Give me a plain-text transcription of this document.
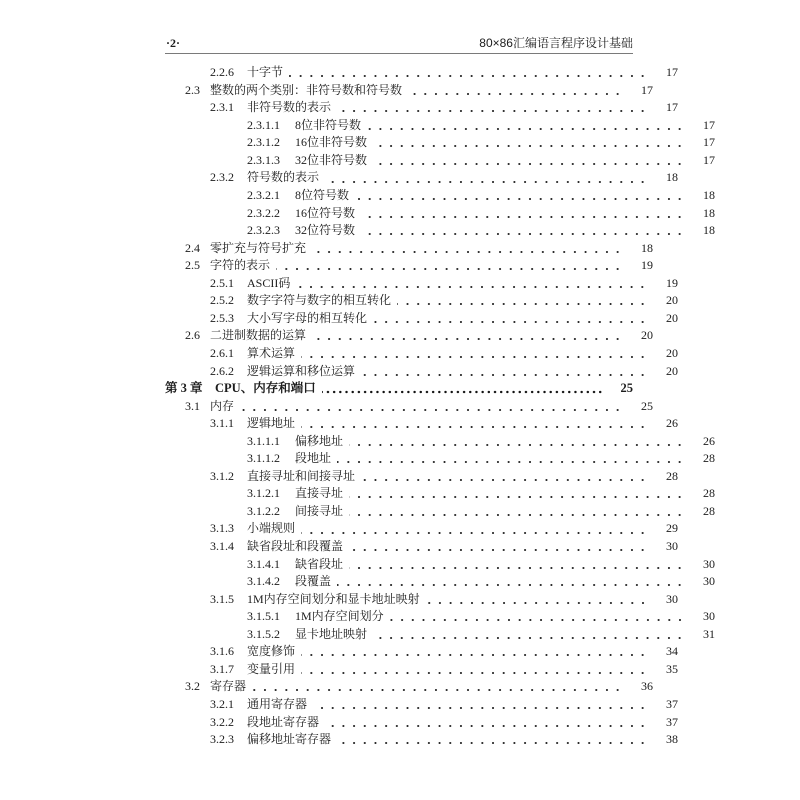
·2·	80×86汇编语言程序设计基础
2.2.6	十字节	17
2.3 整数的两个类别：非符号数和符号数	17
2.3.1	非符号数的表示	17
2.3.1.1	8位非符号数	17
2.3.1.2	16位非符号数	17
2.3.1.3	32位非符号数	17
2.3.2	符号数的表示	18
2.3.2.1	8位符号数	18
2.3.2.2	16位符号数	18
2.3.2.3	32位符号数	18
2.4 零扩充与符号扩充	18
2.5 字符的表示	19
2.5.1	ASCII码	19
2.5.2	数字字符与数字的相互转化	20
2.5.3	大小写字母的相互转化	20
2.6 二进制数据的运算	20
2.6.1	算术运算	20
2.6.2	逻辑运算和移位运算	20
第 3 章 CPU、内存和端口	25
3.1 内存	25
3.1.1	逻辑地址	26
3.1.1.1	偏移地址	26
3.1.1.2	段地址	28
3.1.2	直接寻址和间接寻址	28
3.1.2.1	直接寻址	28
3.1.2.2	间接寻址	28
3.1.3	小端规则	29
3.1.4	缺省段址和段覆盖	30
3.1.4.1	缺省段址	30
3.1.4.2	段覆盖	30
3.1.5	1M内存空间划分和显卡地址映射	30
3.1.5.1	1M内存空间划分	30
3.1.5.2	显卡地址映射	31
3.1.6	宽度修饰	34
3.1.7	变量引用	35
3.2 寄存器	36
3.2.1	通用寄存器	37
3.2.2	段地址寄存器	37
3.2.3	偏移地址寄存器	38
